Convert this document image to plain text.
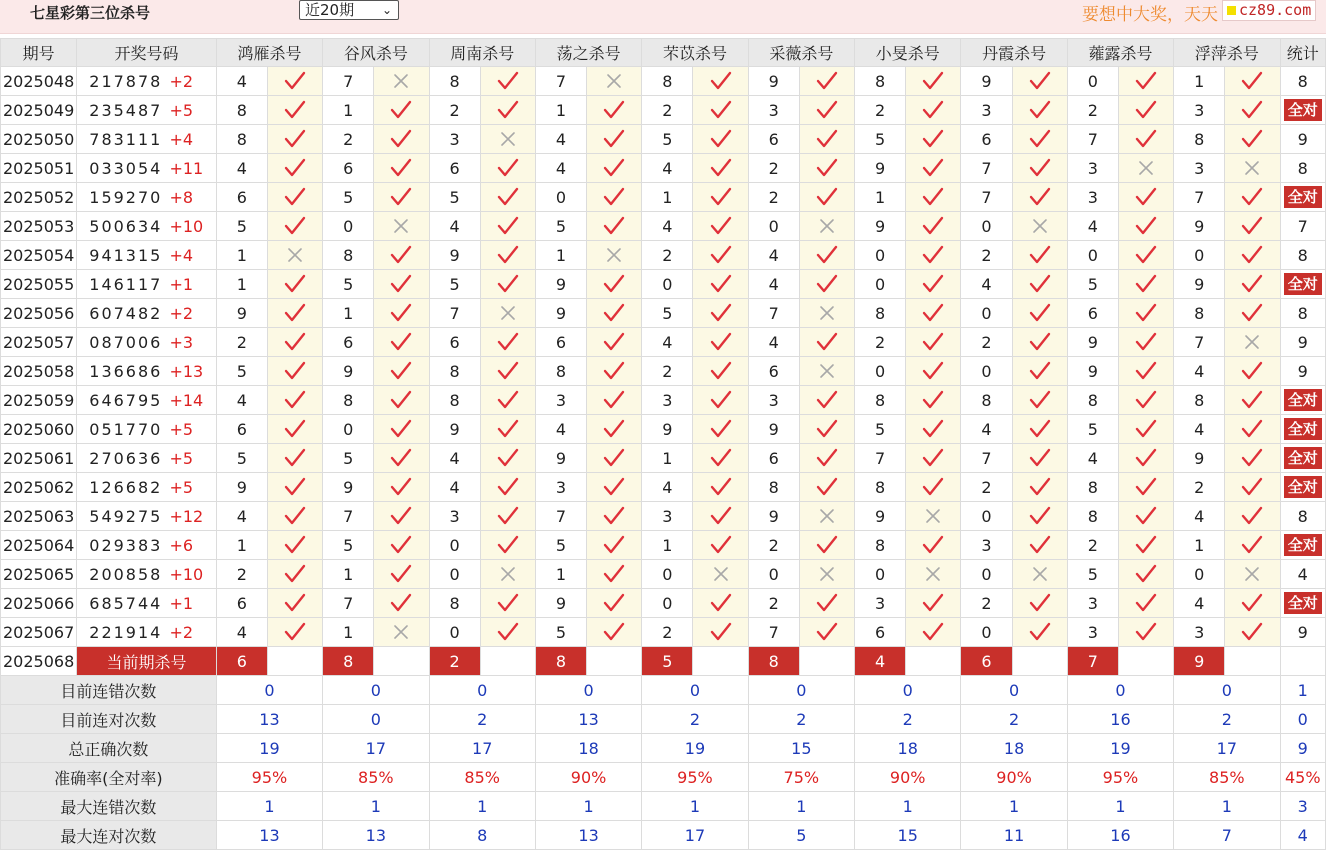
七星彩第三位杀号	近20期 ⌄	要想中大奖，天天	cz89.com
期号	开奖号码	鸿雁杀号		谷风杀号		周南杀号		荡之杀号		芣苡杀号		采薇杀号		小旻杀号		丹霞杀号		蕹露杀号		浮萍杀号		统计
2025048	217878 +2	4		7		8		7		8		9		8		9		0		1		8
2025049	235487 +5	8		1		2		1		2		3		2		3		2		3		全对
2025050	783111 +4	8		2		3		4		5		6		5		6		7		8		9
2025051	033054 +11	4		6		6		4		4		2		9		7		3		3		8
2025052	159270 +8	6		5		5		0		1		2		1		7		3		7		全对
2025053	500634 +10	5		0		4		5		4		0		9		0		4		9		7
2025054	941315 +4	1		8		9		1		2		4		0		2		0		0		8
2025055	146117 +1	1		5		5		9		0		4		0		4		5		9		全对
2025056	607482 +2	9		1		7		9		5		7		8		0		6		8		8
2025057	087006 +3	2		6		6		6		4		4		2		2		9		7		9
2025058	136686 +13	5		9		8		8		2		6		0		0		9		4		9
2025059	646795 +14	4		8		8		3		3		3		8		8		8		8		全对
2025060	051770 +5	6		0		9		4		9		9		5		4		5		4		全对
2025061	270636 +5	5		5		4		9		1		6		7		7		4		9		全对
2025062	126682 +5	9		9		4		3		4		8		8		2		8		2		全对
2025063	549275 +12	4		7		3		7		3		9		9		0		8		4		8
2025064	029383 +6	1		5		0		5		1		2		8		3		2		1		全对
2025065	200858 +10	2		1		0		1		0		0		0		0		5		0		4
2025066	685744 +1	6		7		8		9		0		2		3		2		3		4		全对
2025067	221914 +2	4		1		0		5		2		7		6		0		3		3		9
2025068	当前期杀号	6		8		2		8		5		8		4		6		7		9		
目前连错次数		0		0		0		0		0		0		0		0		0		0		1
目前连对次数		13		0		2		13		2		2		2		2		16		2		0
总正确次数		19		17		17		18		19		15		18		18		19		17		9
准确率(全对率)		95%		85%		85%		90%		95%		75%		90%		90%		95%		85%		45%
最大连错次数		1		1		1		1		1		1		1		1		1		1		3
最大连对次数		13		13		8		13		17		5		15		11		16		7		4
